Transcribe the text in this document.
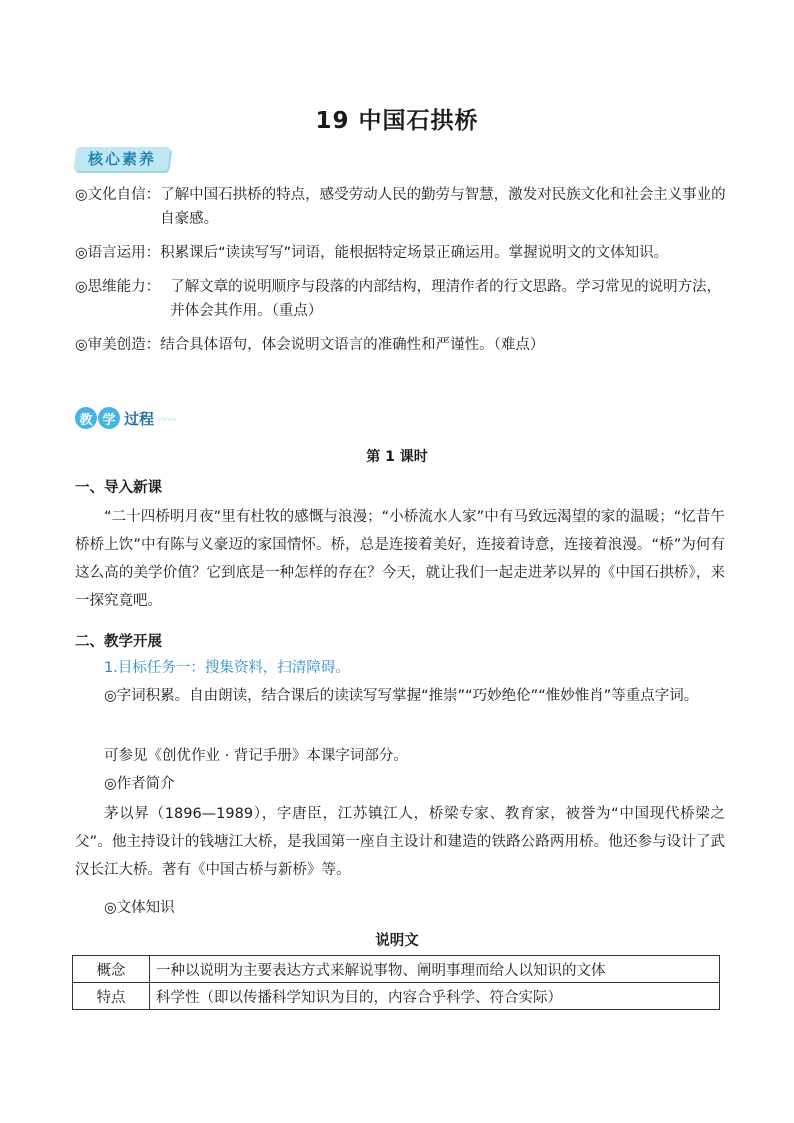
19 中国石拱桥
核心素养
◎文化自信： 了解中国石拱桥的特点，感受劳动人民的勤劳与智慧，激发对民族文化和社会主义事业的自豪感。
◎语言运用： 积累课后“读读写写”词语，能根据特定场景正确运用。掌握说明文的文体知识。
◎思维能力： 了解文章的说明顺序与段落的内部结构，理清作者的行文思路。学习常见的说明方法，并体会其作用。（重点）
◎审美创造： 结合具体语句，体会说明文语言的准确性和严谨性。（难点）
教 学 过程 〰〰
第 1 课时
一、导入新课
“二十四桥明月夜”里有杜牧的感慨与浪漫；“小桥流水人家”中有马致远渴望的家的温暖；“忆昔午桥桥上饮”中有陈与义豪迈的家国情怀。桥，总是连接着美好，连接着诗意，连接着浪漫。“桥”为何有这么高的美学价值？它到底是一种怎样的存在？今天，就让我们一起走进茅以昇的《中国石拱桥》，来一探究竟吧。
二、教学开展
1.目标任务一：搜集资料，扫清障碍。
◎字词积累。自由朗读，结合课后的读读写写掌握“推崇”“巧妙绝伦”“惟妙惟肖”等重点字词。
可参见《创优作业 · 背记手册》本课字词部分。
◎作者简介
茅以昇（1896—1989），字唐臣，江苏镇江人，桥梁专家、教育家，被誉为“中国现代桥梁之父”。他主持设计的钱塘江大桥，是我国第一座自主设计和建造的铁路公路两用桥。他还参与设计了武汉长江大桥。著有《中国古桥与新桥》等。
◎文体知识
说明文
概念	一种以说明为主要表达方式来解说事物、阐明事理而给人以知识的文体
特点	科学性（即以传播科学知识为目的，内容合乎科学、符合实际）
